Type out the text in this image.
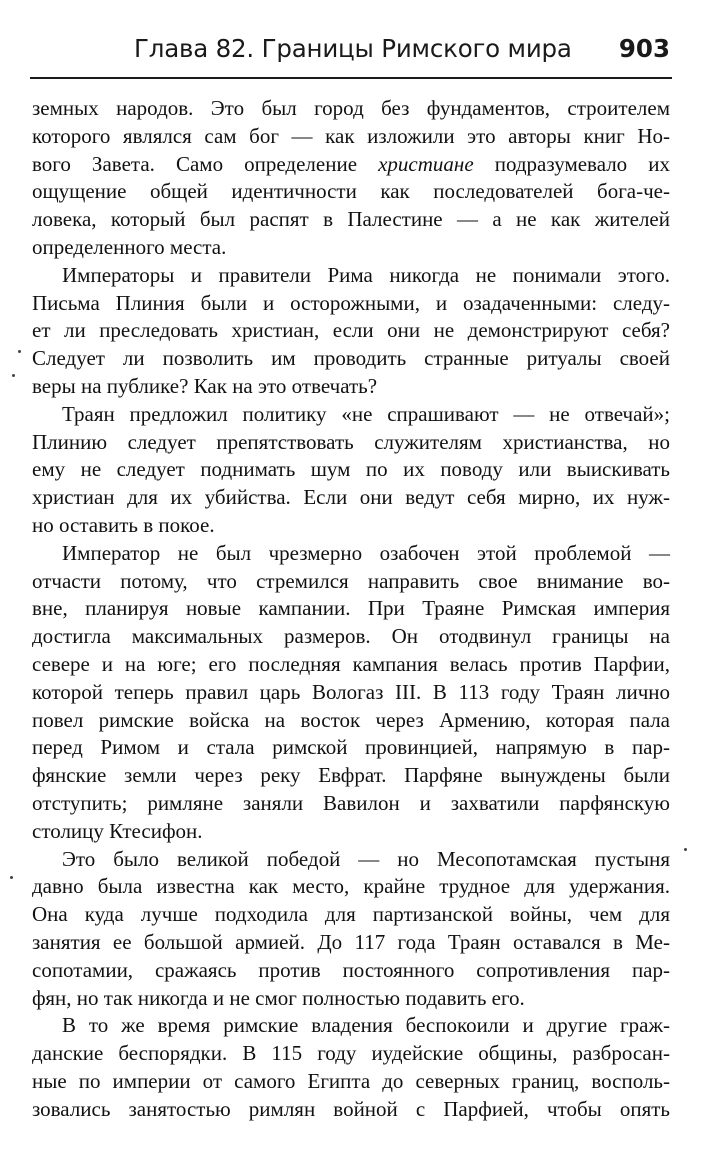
Глава 82. Границы Римского мира 903

земных народов. Это был город без фундаментов, строителем

которого являлся сам бог — как изложили это авторы книг Но-

вого Завета. Само определение христиане подразумевало их

ощущение общей идентичности как последователей бога-че-

ловека, который был распят в Палестине — а не как жителей

определенного места.

Императоры и правители Рима никогда не понимали этого.

Письма Плиния были и осторожными, и озадаченными: следу-

ет ли преследовать христиан, если они не демонстрируют себя?

Следует ли позволить им проводить странные ритуалы своей

веры на публике? Как на это отвечать?

Траян предложил политику «не спрашивают — не отвечай»;

Плинию следует препятствовать служителям христианства, но

ему не следует поднимать шум по их поводу или выискивать

христиан для их убийства. Если они ведут себя мирно, их нуж-

но оставить в покое.

Император не был чрезмерно озабочен этой проблемой —

отчасти потому, что стремился направить свое внимание во-

вне, планируя новые кампании. При Траяне Римская империя

достигла максимальных размеров. Он отодвинул границы на

севере и на юге; его последняя кампания велась против Парфии,

которой теперь правил царь Вологаз III. В 113 году Траян лично

повел римские войска на восток через Армению, которая пала

перед Римом и стала римской провинцией, напрямую в пар-

фянские земли через реку Евфрат. Парфяне вынуждены были

отступить; римляне заняли Вавилон и захватили парфянскую

столицу Ктесифон.

Это было великой победой — но Месопотамская пустыня

давно была известна как место, крайне трудное для удержания.

Она куда лучше подходила для партизанской войны, чем для

занятия ее большой армией. До 117 года Траян оставался в Ме-

сопотамии, сражаясь против постоянного сопротивления пар-

фян, но так никогда и не смог полностью подавить его.

В то же время римские владения беспокоили и другие граж-

данские беспорядки. В 115 году иудейские общины, разбросан-

ные по империи от самого Египта до северных границ, восполь-

зовались занятостью римлян войной с Парфией, чтобы опять
